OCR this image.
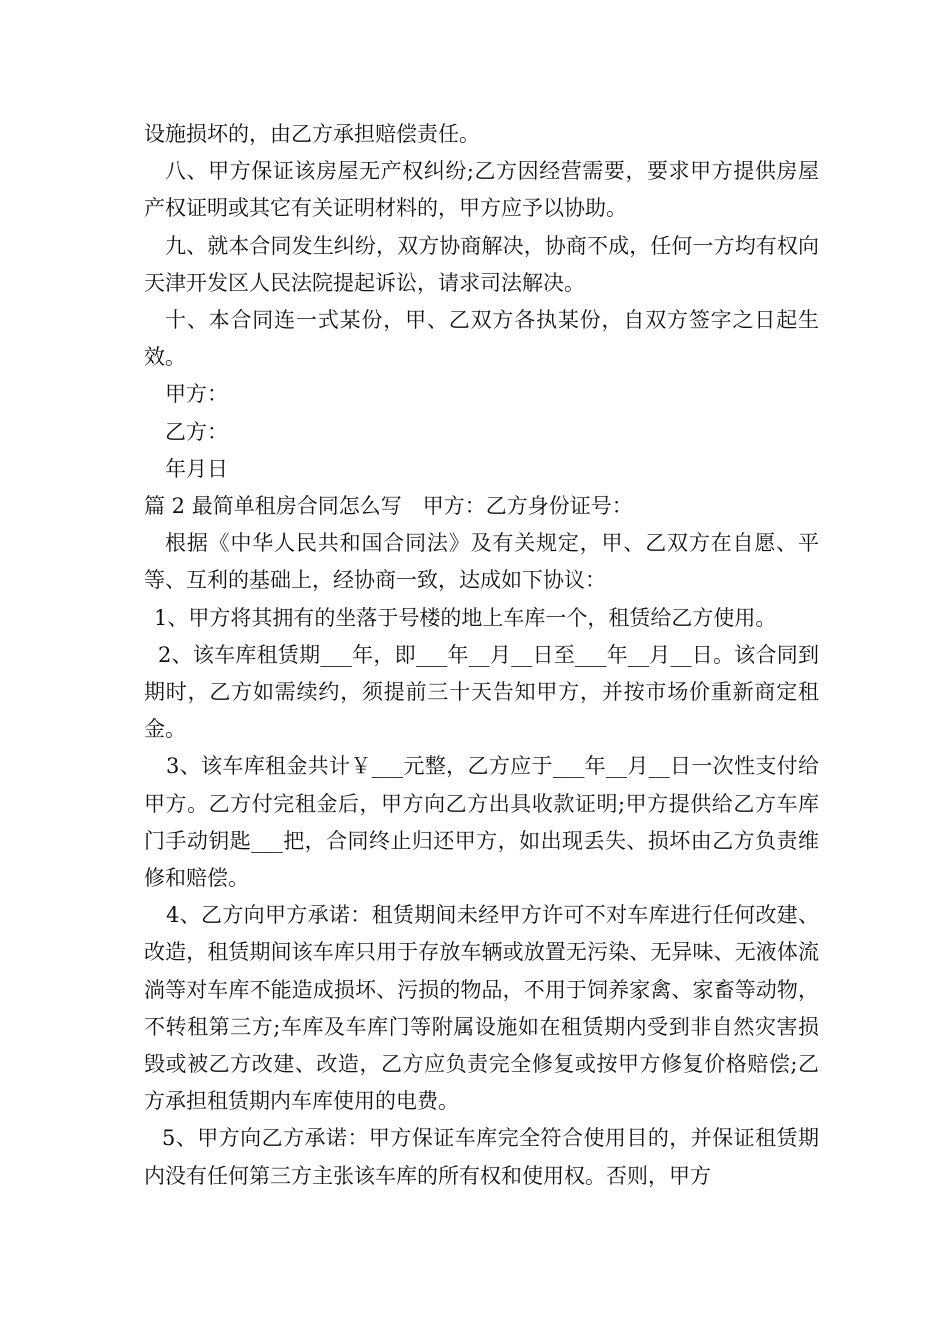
设施损坏的，由乙方承担赔偿责任。

八、甲方保证该房屋无产权纠纷;乙方因经营需要，要求甲方提供房屋产权证明或其它有关证明材料的，甲方应予以协助。

九、就本合同发生纠纷，双方协商解决，协商不成，任何一方均有权向天津开发区人民法院提起诉讼，请求司法解决。

十、本合同连一式某份，甲、乙双方各执某份，自双方签字之日起生效。

甲方：

乙方：

年月日

篇 2 最简单租房合同怎么写　甲方：乙方身份证号：

根据《中华人民共和国合同法》及有关规定，甲、乙双方在自愿、平等、互利的基础上，经协商一致，达成如下协议：

1、甲方将其拥有的坐落于号楼的地上车库一个，租赁给乙方使用。

2、该车库租赁期___年，即___年__月__日至___年__月__日。该合同到期时，乙方如需续约，须提前三十天告知甲方，并按市场价重新商定租金。

3、该车库租金共计￥___元整，乙方应于___年__月__日一次性支付给甲方。乙方付完租金后，甲方向乙方出具收款证明;甲方提供给乙方车库门手动钥匙___把，合同终止归还甲方，如出现丢失、损坏由乙方负责维修和赔偿。

4、乙方向甲方承诺：租赁期间未经甲方许可不对车库进行任何改建、改造，租赁期间该车库只用于存放车辆或放置无污染、无异味、无液体流淌等对车库不能造成损坏、污损的物品，不用于饲养家禽、家畜等动物，不转租第三方;车库及车库门等附属设施如在租赁期内受到非自然灾害损毁或被乙方改建、改造，乙方应负责完全修复或按甲方修复价格赔偿;乙方承担租赁期内车库使用的电费。

5、甲方向乙方承诺：甲方保证车库完全符合使用目的，并保证租赁期内没有任何第三方主张该车库的所有权和使用权。否则，甲方
